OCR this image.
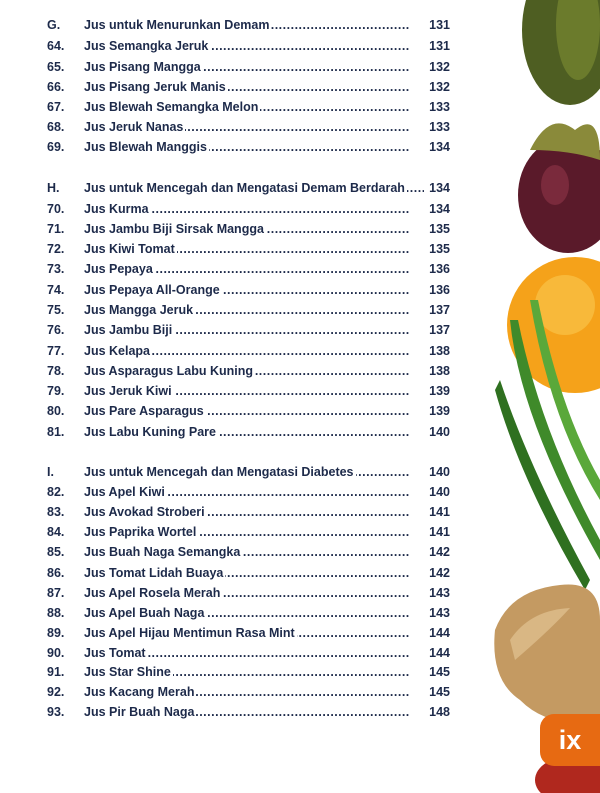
G. Jus untuk Menurunkan Demam .....	131
64. Jus Semangka Jeruk .....	131
65. Jus Pisang Mangga .....	132
66. Jus Pisang Jeruk Manis .....	132
67. Jus Blewah Semangka Melon .....	133
68. Jus Jeruk Nanas .....	133
69. Jus Blewah Manggis .....	134
H. Jus untuk Mencegah dan Mengatasi Demam Berdarah .....	134
70. Jus Kurma .....	134
71. Jus Jambu Biji Sirsak Mangga .....	135
72. Jus Kiwi Tomat .....	135
73. Jus Pepaya .....	136
74. Jus Pepaya All-Orange .....	136
75. Jus Mangga Jeruk .....	137
76. Jus Jambu Biji .....	137
77. Jus Kelapa .....	138
78. Jus Asparagus Labu Kuning .....	138
79. Jus Jeruk Kiwi .....	139
80. Jus Pare Asparagus .....	139
81. Jus Labu Kuning Pare .....	140
I. Jus untuk Mencegah dan Mengatasi Diabetes .....	140
82. Jus Apel Kiwi .....	140
83. Jus Avokad Stroberi .....	141
84. Jus Paprika Wortel .....	141
85. Jus Buah Naga Semangka .....	142
86. Jus Tomat Lidah Buaya .....	142
87. Jus Apel Rosela Merah .....	143
88. Jus Apel Buah Naga .....	143
89. Jus Apel Hijau Mentimun Rasa Mint .....	144
90. Jus Tomat .....	144
91. Jus Star Shine .....	145
92. Jus Kacang Merah .....	145
93. Jus Pir Buah Naga .....	148
ix
